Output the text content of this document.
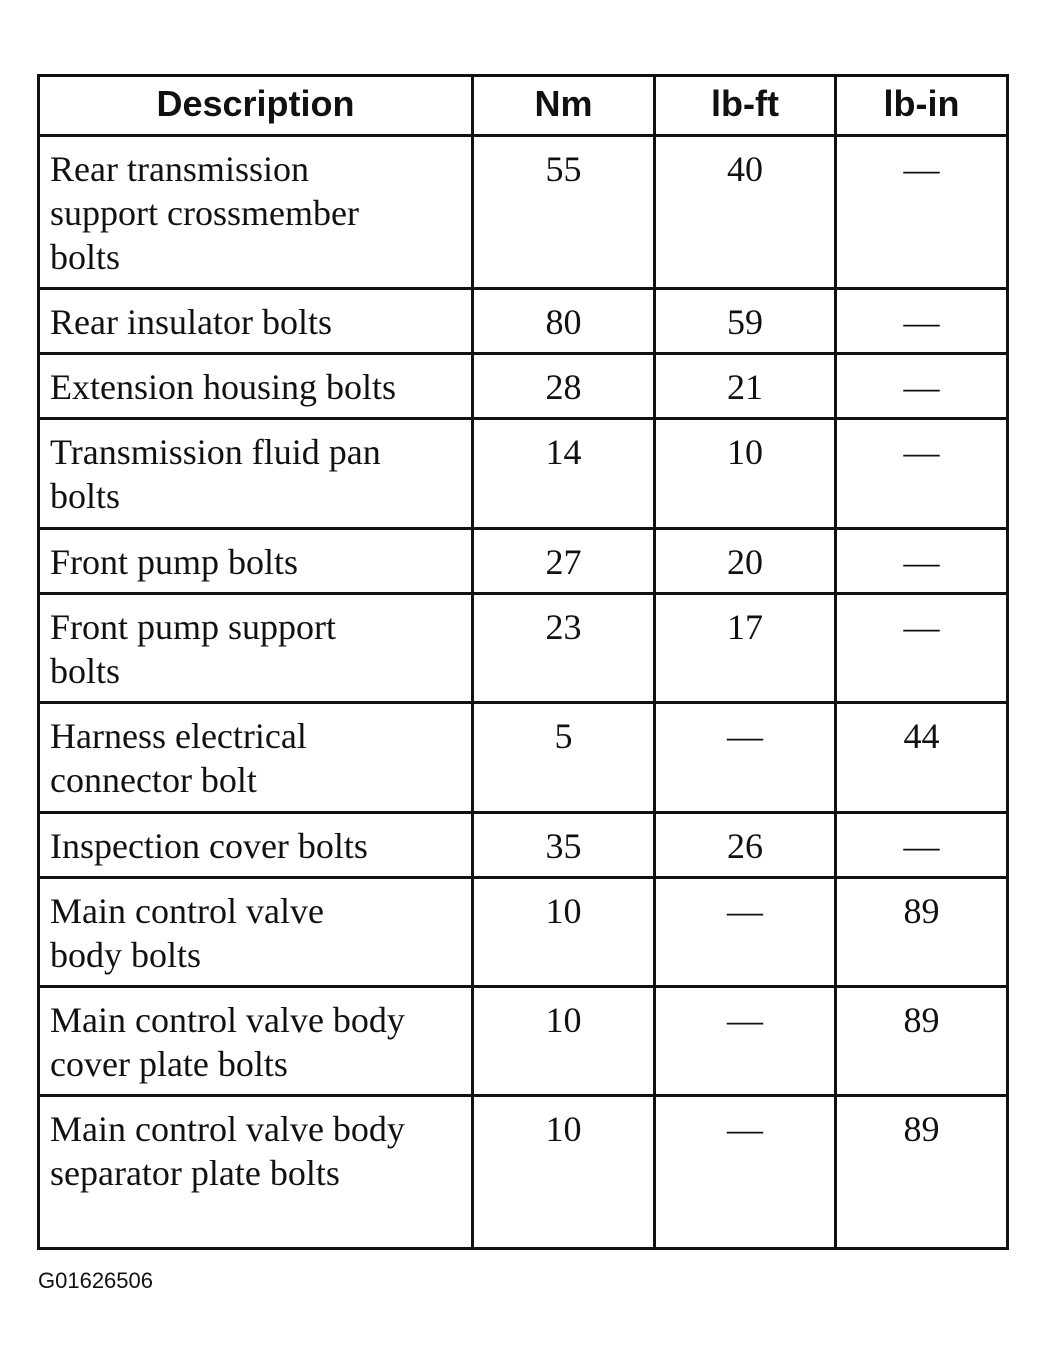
Description	Nm	lb-ft	lb-in
Rear transmission support crossmember bolts	55	40	—
Rear insulator bolts	80	59	—
Extension housing bolts	28	21	—
Transmission fluid pan bolts	14	10	—
Front pump bolts	27	20	—
Front pump support bolts	23	17	—
Harness electrical connector bolt	5	—	44
Inspection cover bolts	35	26	—
Main control valve body bolts	10	—	89
Main control valve body cover plate bolts	10	—	89
Main control valve body separator plate bolts	10	—	89
G01626506
